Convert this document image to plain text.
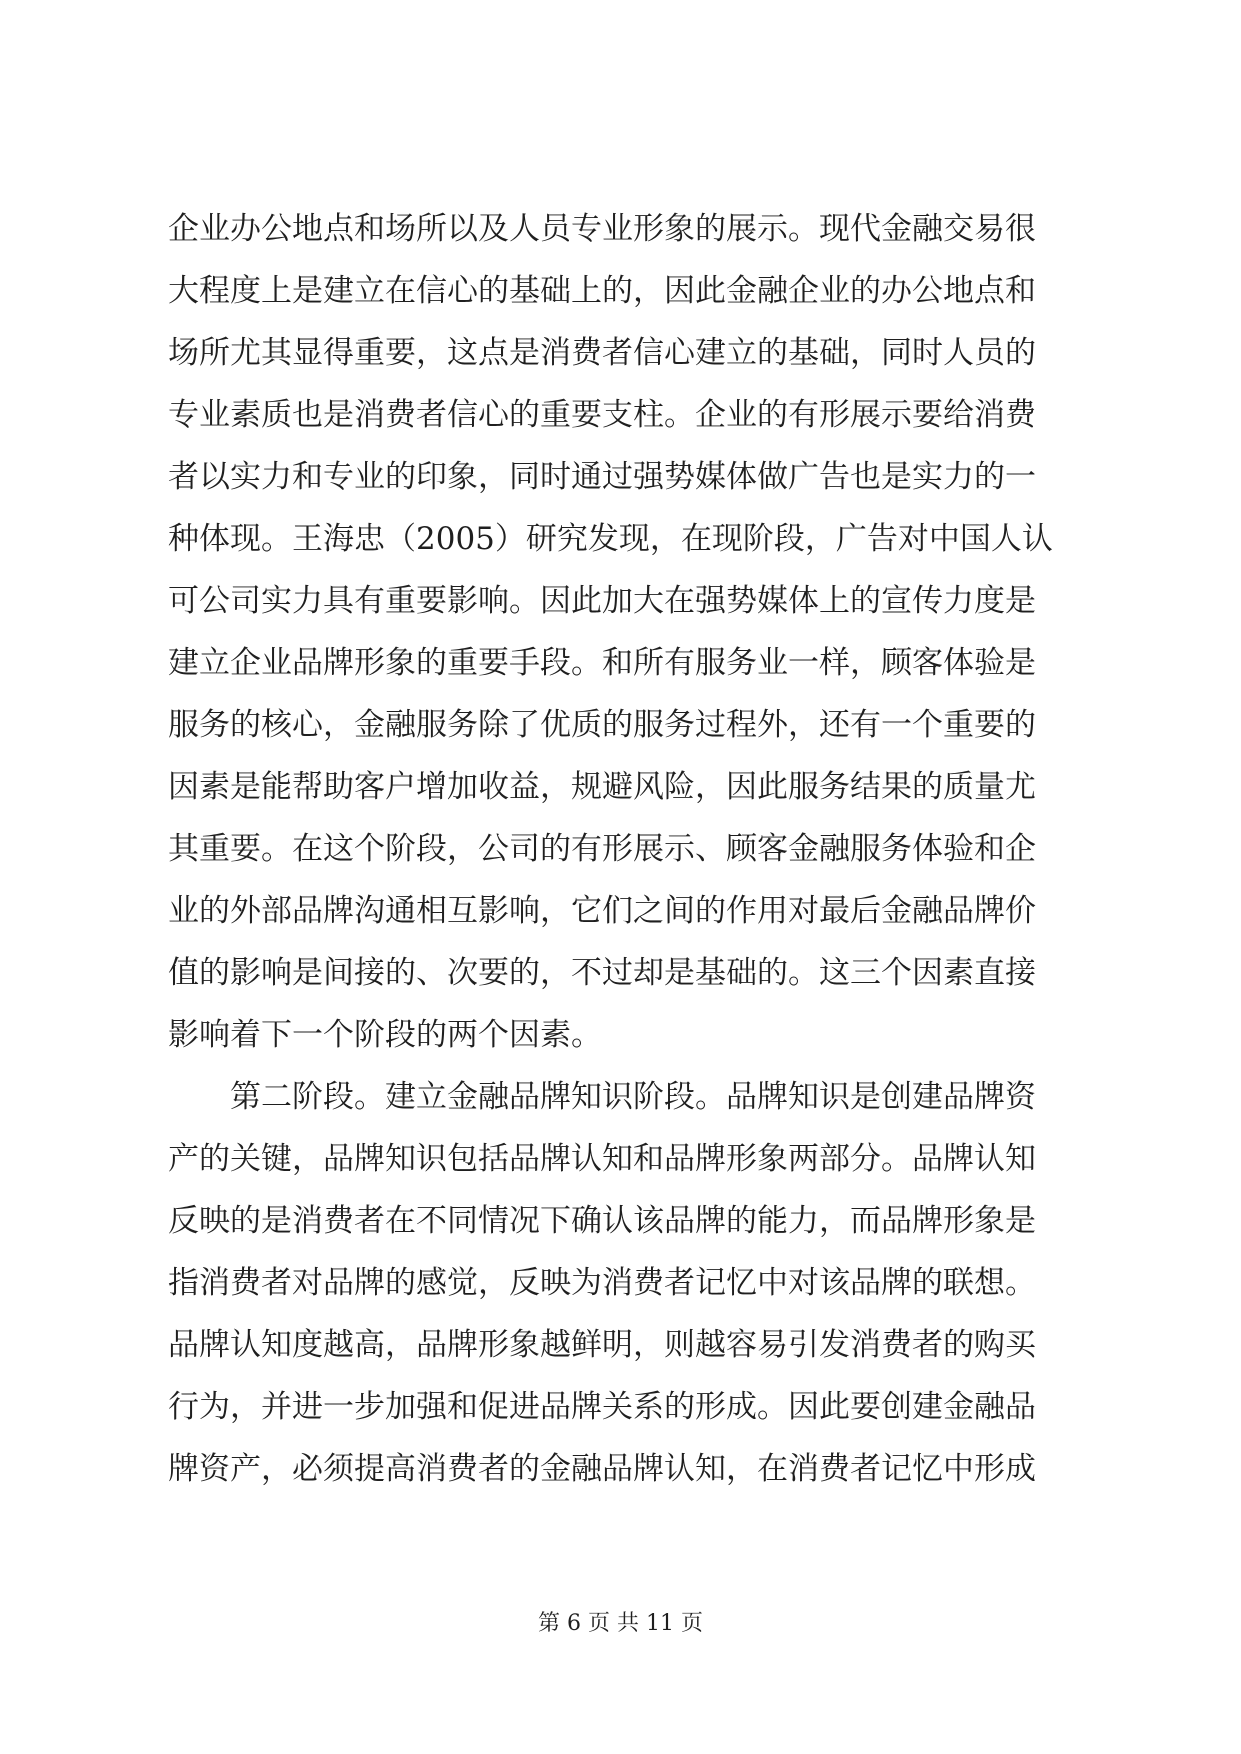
企业办公地点和场所以及人员专业形象的展示。现代金融交易很
大程度上是建立在信心的基础上的，因此金融企业的办公地点和
场所尤其显得重要，这点是消费者信心建立的基础，同时人员的
专业素质也是消费者信心的重要支柱。企业的有形展示要给消费
者以实力和专业的印象，同时通过强势媒体做广告也是实力的一
种体现。王海忠（2005）研究发现，在现阶段，广告对中国人认
可公司实力具有重要影响。因此加大在强势媒体上的宣传力度是
建立企业品牌形象的重要手段。和所有服务业一样，顾客体验是
服务的核心，金融服务除了优质的服务过程外，还有一个重要的
因素是能帮助客户增加收益，规避风险，因此服务结果的质量尤
其重要。在这个阶段，公司的有形展示、顾客金融服务体验和企
业的外部品牌沟通相互影响，它们之间的作用对最后金融品牌价
值的影响是间接的、次要的，不过却是基础的。这三个因素直接
影响着下一个阶段的两个因素。
第二阶段。建立金融品牌知识阶段。品牌知识是创建品牌资
产的关键，品牌知识包括品牌认知和品牌形象两部分。品牌认知
反映的是消费者在不同情况下确认该品牌的能力，而品牌形象是
指消费者对品牌的感觉，反映为消费者记忆中对该品牌的联想。
品牌认知度越高，品牌形象越鲜明，则越容易引发消费者的购买
行为，并进一步加强和促进品牌关系的形成。因此要创建金融品
牌资产，必须提高消费者的金融品牌认知，在消费者记忆中形成
第 6 页 共 11 页
